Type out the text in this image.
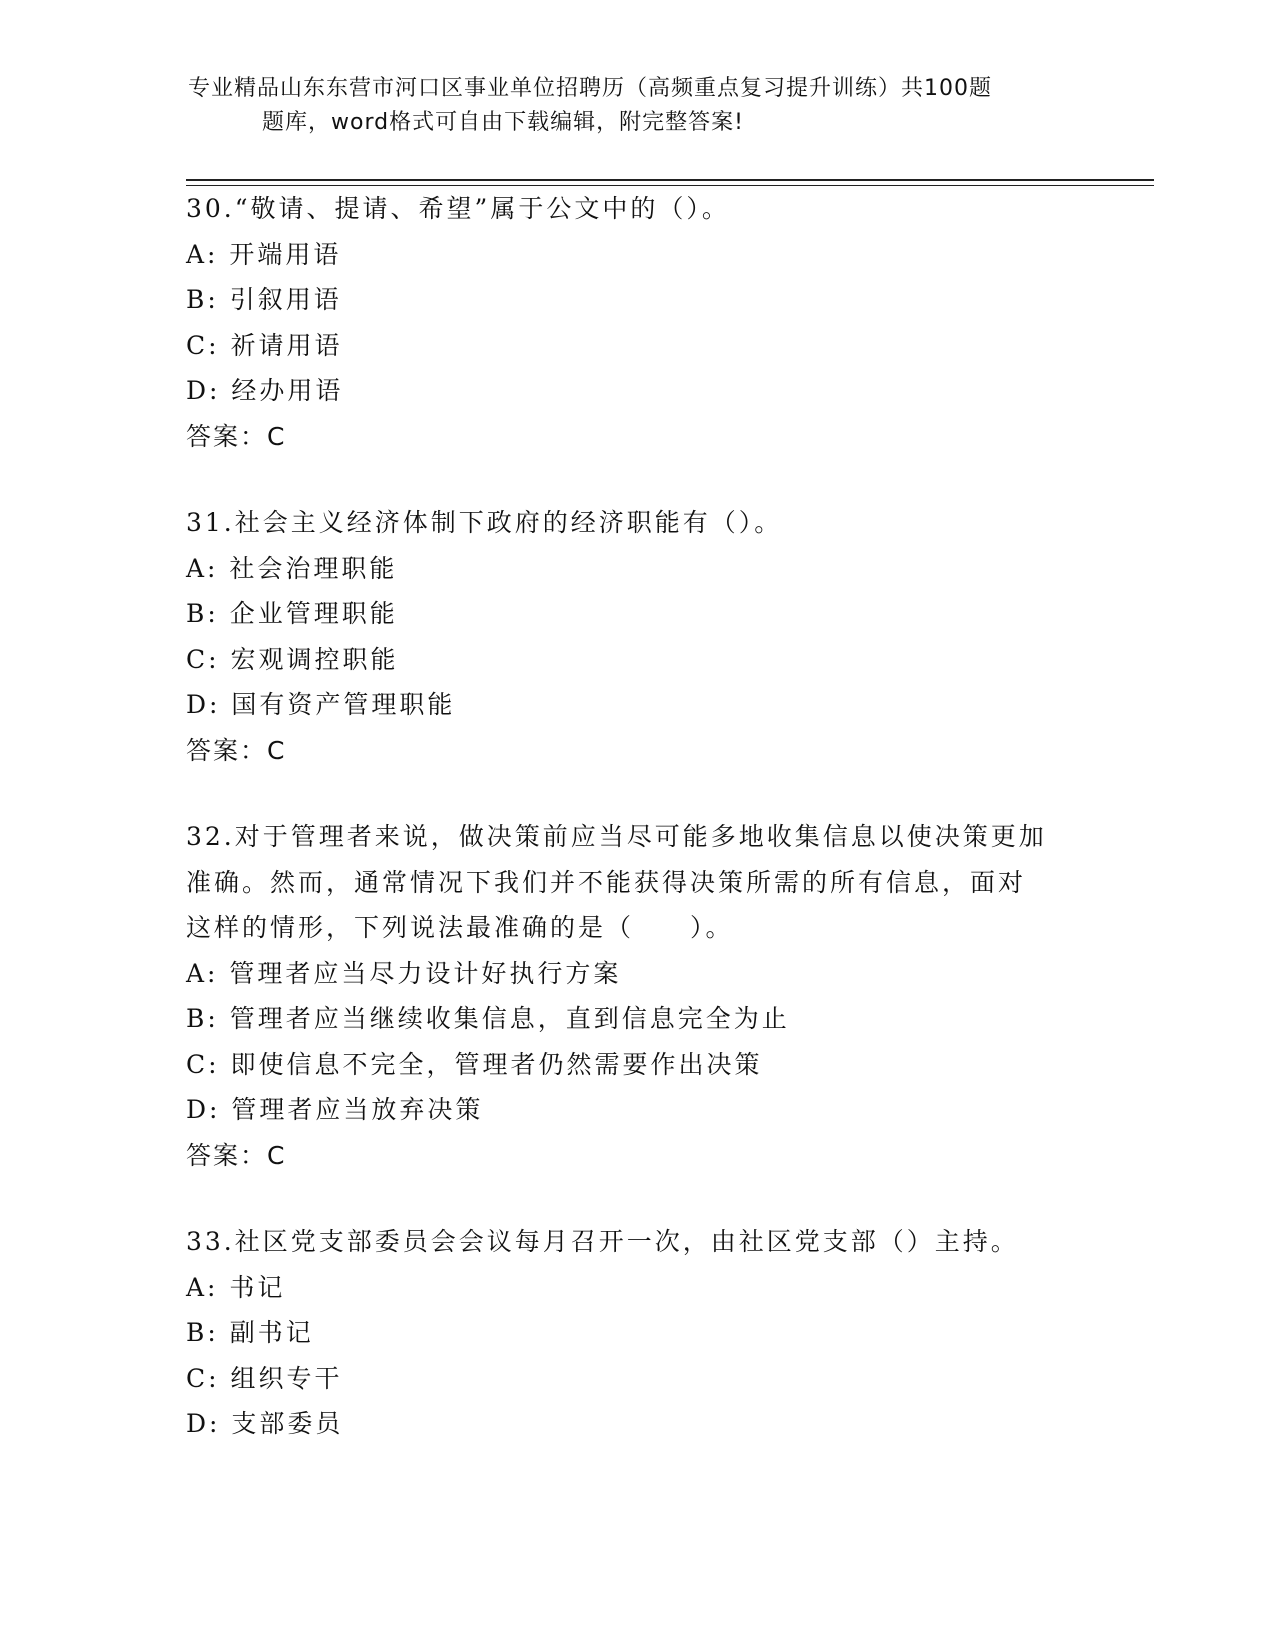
专业精品山东东营市河口区事业单位招聘历（高频重点复习提升训练）共100题
题库，word格式可自由下载编辑，附完整答案!
30.“敬请、提请、希望”属于公文中的（）。
A: 开端用语
B: 引叙用语
C: 祈请用语
D: 经办用语
答案：C
31.社会主义经济体制下政府的经济职能有（）。
A: 社会治理职能
B: 企业管理职能
C: 宏观调控职能
D: 国有资产管理职能
答案：C
32.对于管理者来说，做决策前应当尽可能多地收集信息以使决策更加
准确。然而，通常情况下我们并不能获得决策所需的所有信息，面对
这样的情形，下列说法最准确的是（　　）。
A: 管理者应当尽力设计好执行方案
B: 管理者应当继续收集信息，直到信息完全为止
C: 即使信息不完全，管理者仍然需要作出决策
D: 管理者应当放弃决策
答案：C
33.社区党支部委员会会议每月召开一次，由社区党支部（）主持。
A: 书记
B: 副书记
C: 组织专干
D: 支部委员
